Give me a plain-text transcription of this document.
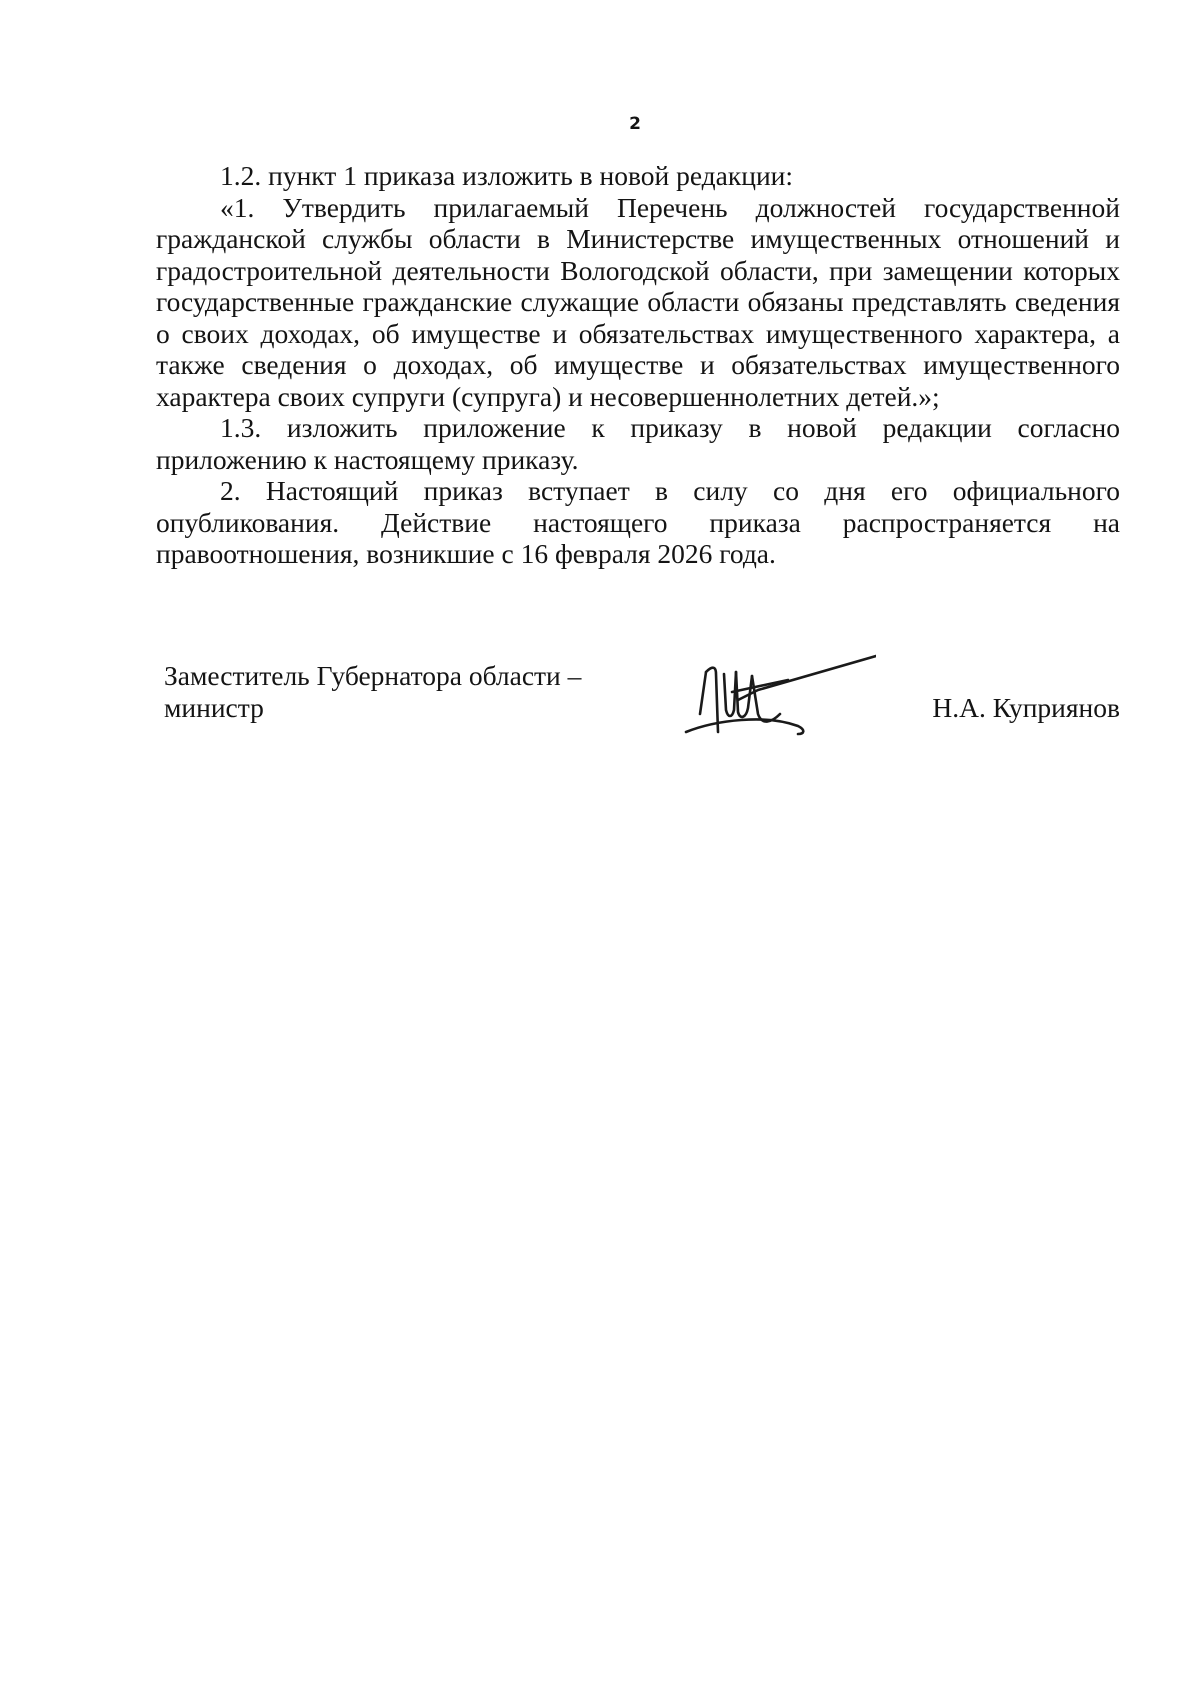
2

1.2. пункт 1 приказа изложить в новой редакции:

«1. Утвердить прилагаемый Перечень должностей государственной гражданской службы области в Министерстве имущественных отношений и градостроительной деятельности Вологодской области, при замещении которых государственные гражданские служащие области обязаны представлять сведения о своих доходах, об имуществе и обязательствах имущественного характера, а также сведения о доходах, об имуществе и обязательствах имущественного характера своих супруги (супруга) и несовершеннолетних детей.»;

1.3. изложить приложение к приказу в новой редакции согласно приложению к настоящему приказу.

2. Настоящий приказ вступает в силу со дня его официального опубликования. Действие настоящего приказа распространяется на правоотношения, возникшие с 16 февраля 2026 года.

Заместитель Губернатора области –
министр	Н.А. Куприянов
